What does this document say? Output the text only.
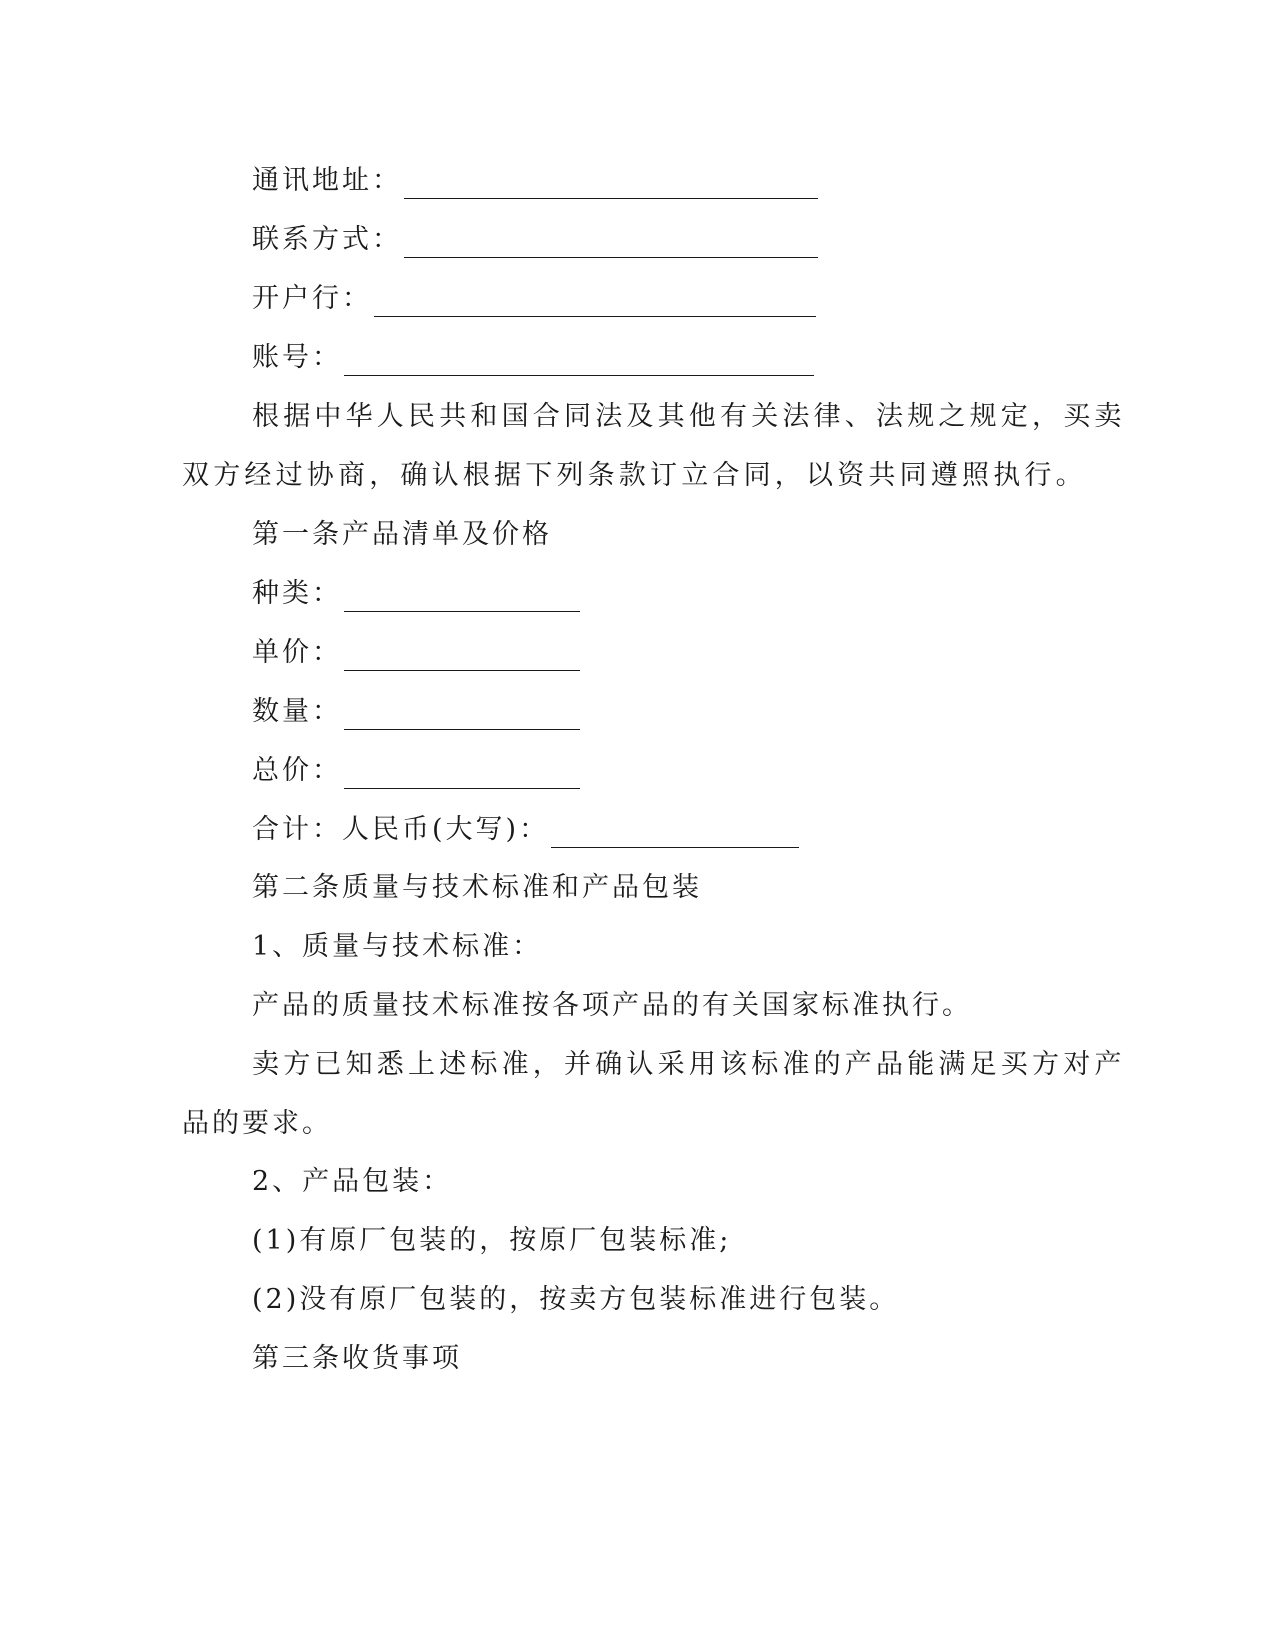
通讯地址：
联系方式：
开户行：
账号：
根据中华人民共和国合同法及其他有关法律、法规之规定，买卖
双方经过协商，确认根据下列条款订立合同，以资共同遵照执行。
第一条产品清单及价格
种类：
单价：
数量：
总价：
合计：人民币(大写)：
第二条质量与技术标准和产品包装
1、质量与技术标准：
产品的质量技术标准按各项产品的有关国家标准执行。
卖方已知悉上述标准，并确认采用该标准的产品能满足买方对产
品的要求。
2、产品包装：
(1)有原厂包装的，按原厂包装标准;
(2)没有原厂包装的，按卖方包装标准进行包装。
第三条收货事项
